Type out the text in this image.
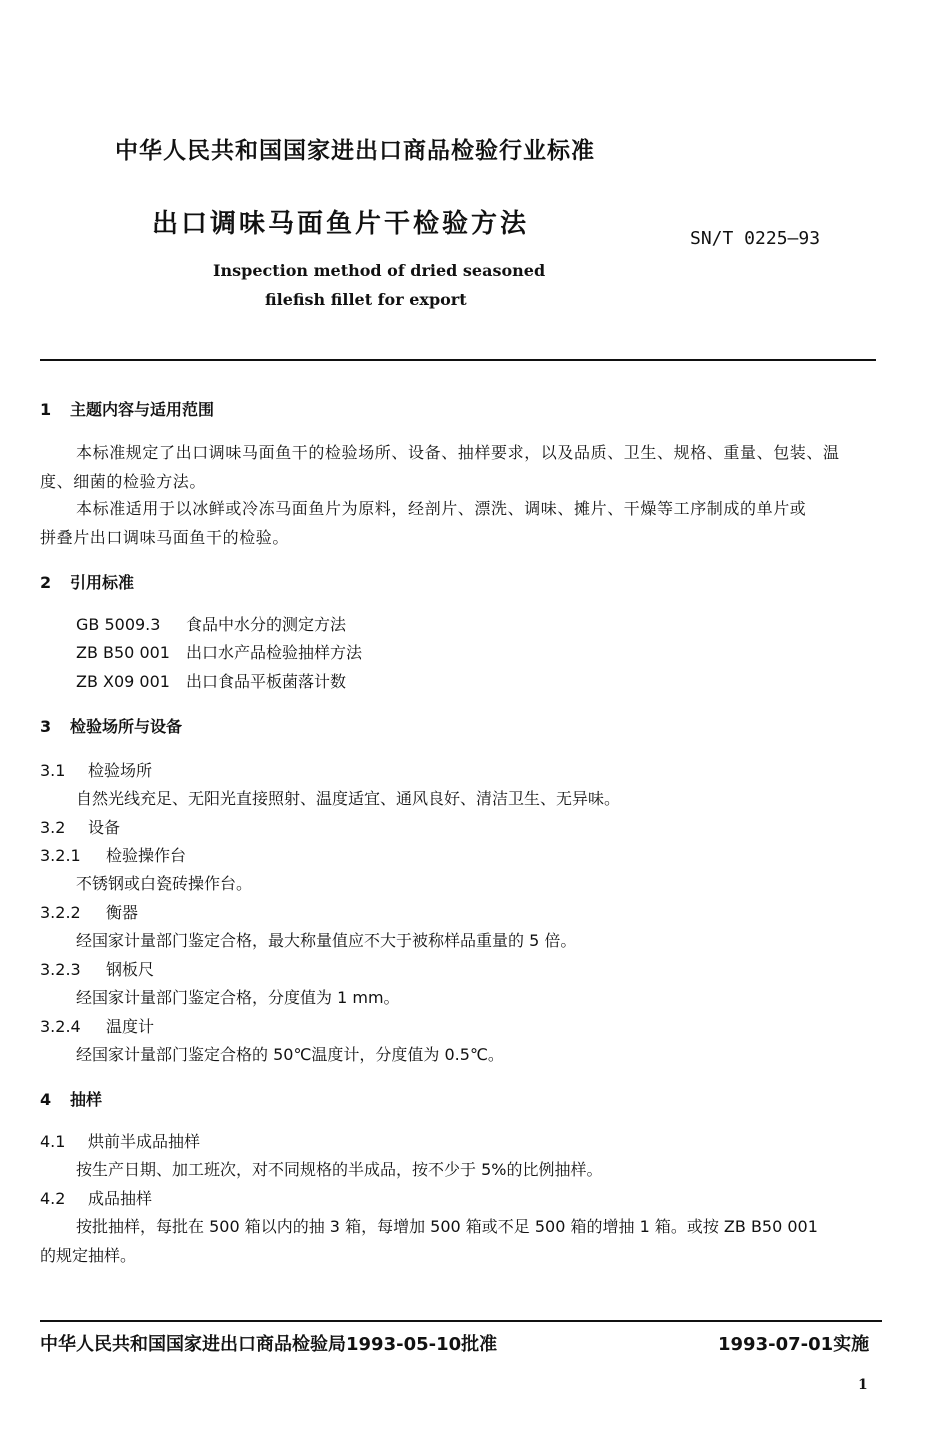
中华人民共和国国家进出口商品检验行业标准
出口调味马面鱼片干检验方法	SN/T 0225—93
Inspection method of dried seasoned
filefish fillet for export
1 主题内容与适用范围
本标准规定了出口调味马面鱼干的检验场所、设备、抽样要求，以及品质、卫生、规格、重量、包装、温
度、细菌的检验方法。
本标准适用于以冰鲜或冷冻马面鱼片为原料，经剖片、漂洗、调味、摊片、干燥等工序制成的单片或
拼叠片出口调味马面鱼干的检验。
2 引用标准
GB 5009.3 食品中水分的测定方法
ZB B50 001 出口水产品检验抽样方法
ZB X09 001 出口食品平板菌落计数
3 检验场所与设备
3.1 检验场所
自然光线充足、无阳光直接照射、温度适宜、通风良好、清洁卫生、无异味。
3.2 设备
3.2.1 检验操作台
不锈钢或白瓷砖操作台。
3.2.2 衡器
经国家计量部门鉴定合格，最大称量值应不大于被称样品重量的 5 倍。
3.2.3 钢板尺
经国家计量部门鉴定合格，分度值为 1 mm。
3.2.4 温度计
经国家计量部门鉴定合格的 50℃温度计，分度值为 0.5℃。
4 抽样
4.1 烘前半成品抽样
按生产日期、加工班次，对不同规格的半成品，按不少于 5%的比例抽样。
4.2 成品抽样
按批抽样，每批在 500 箱以内的抽 3 箱，每增加 500 箱或不足 500 箱的增抽 1 箱。或按 ZB B50 001
的规定抽样。
中华人民共和国国家进出口商品检验局1993-05-10批准	1993-07-01实施
1
